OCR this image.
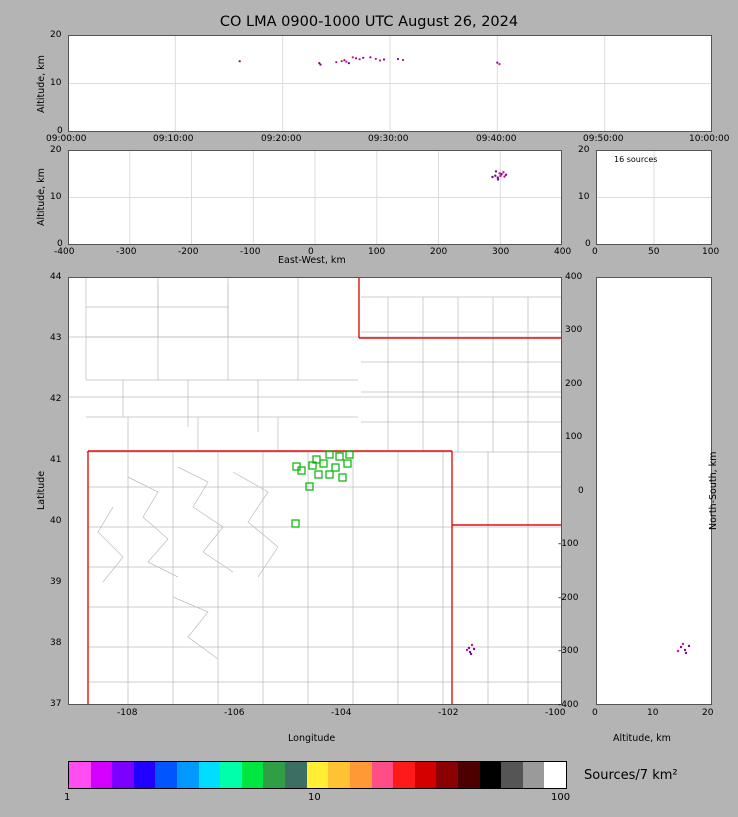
CO LMA 0900-1000 UTC August 26, 2024
20
10
0
Altitude, km
09:00:00	09:10:00	09:20:00	09:30:00	09:40:00	09:50:00	10:00:00
20
10
0
Altitude, km
-400	-300	-200	-100	0	100	200	300	400
East-West, km
16 sources
20
10
0
0	50	100
44
43
42
41
40
39
38
37
Latitude
-108	-106	-104	-102	-100
Longitude
400
300
200
100
0
-100
-200
-300
-400
North-South, km
0	10	20
Altitude, km
Sources/7 km²
1	10	100
